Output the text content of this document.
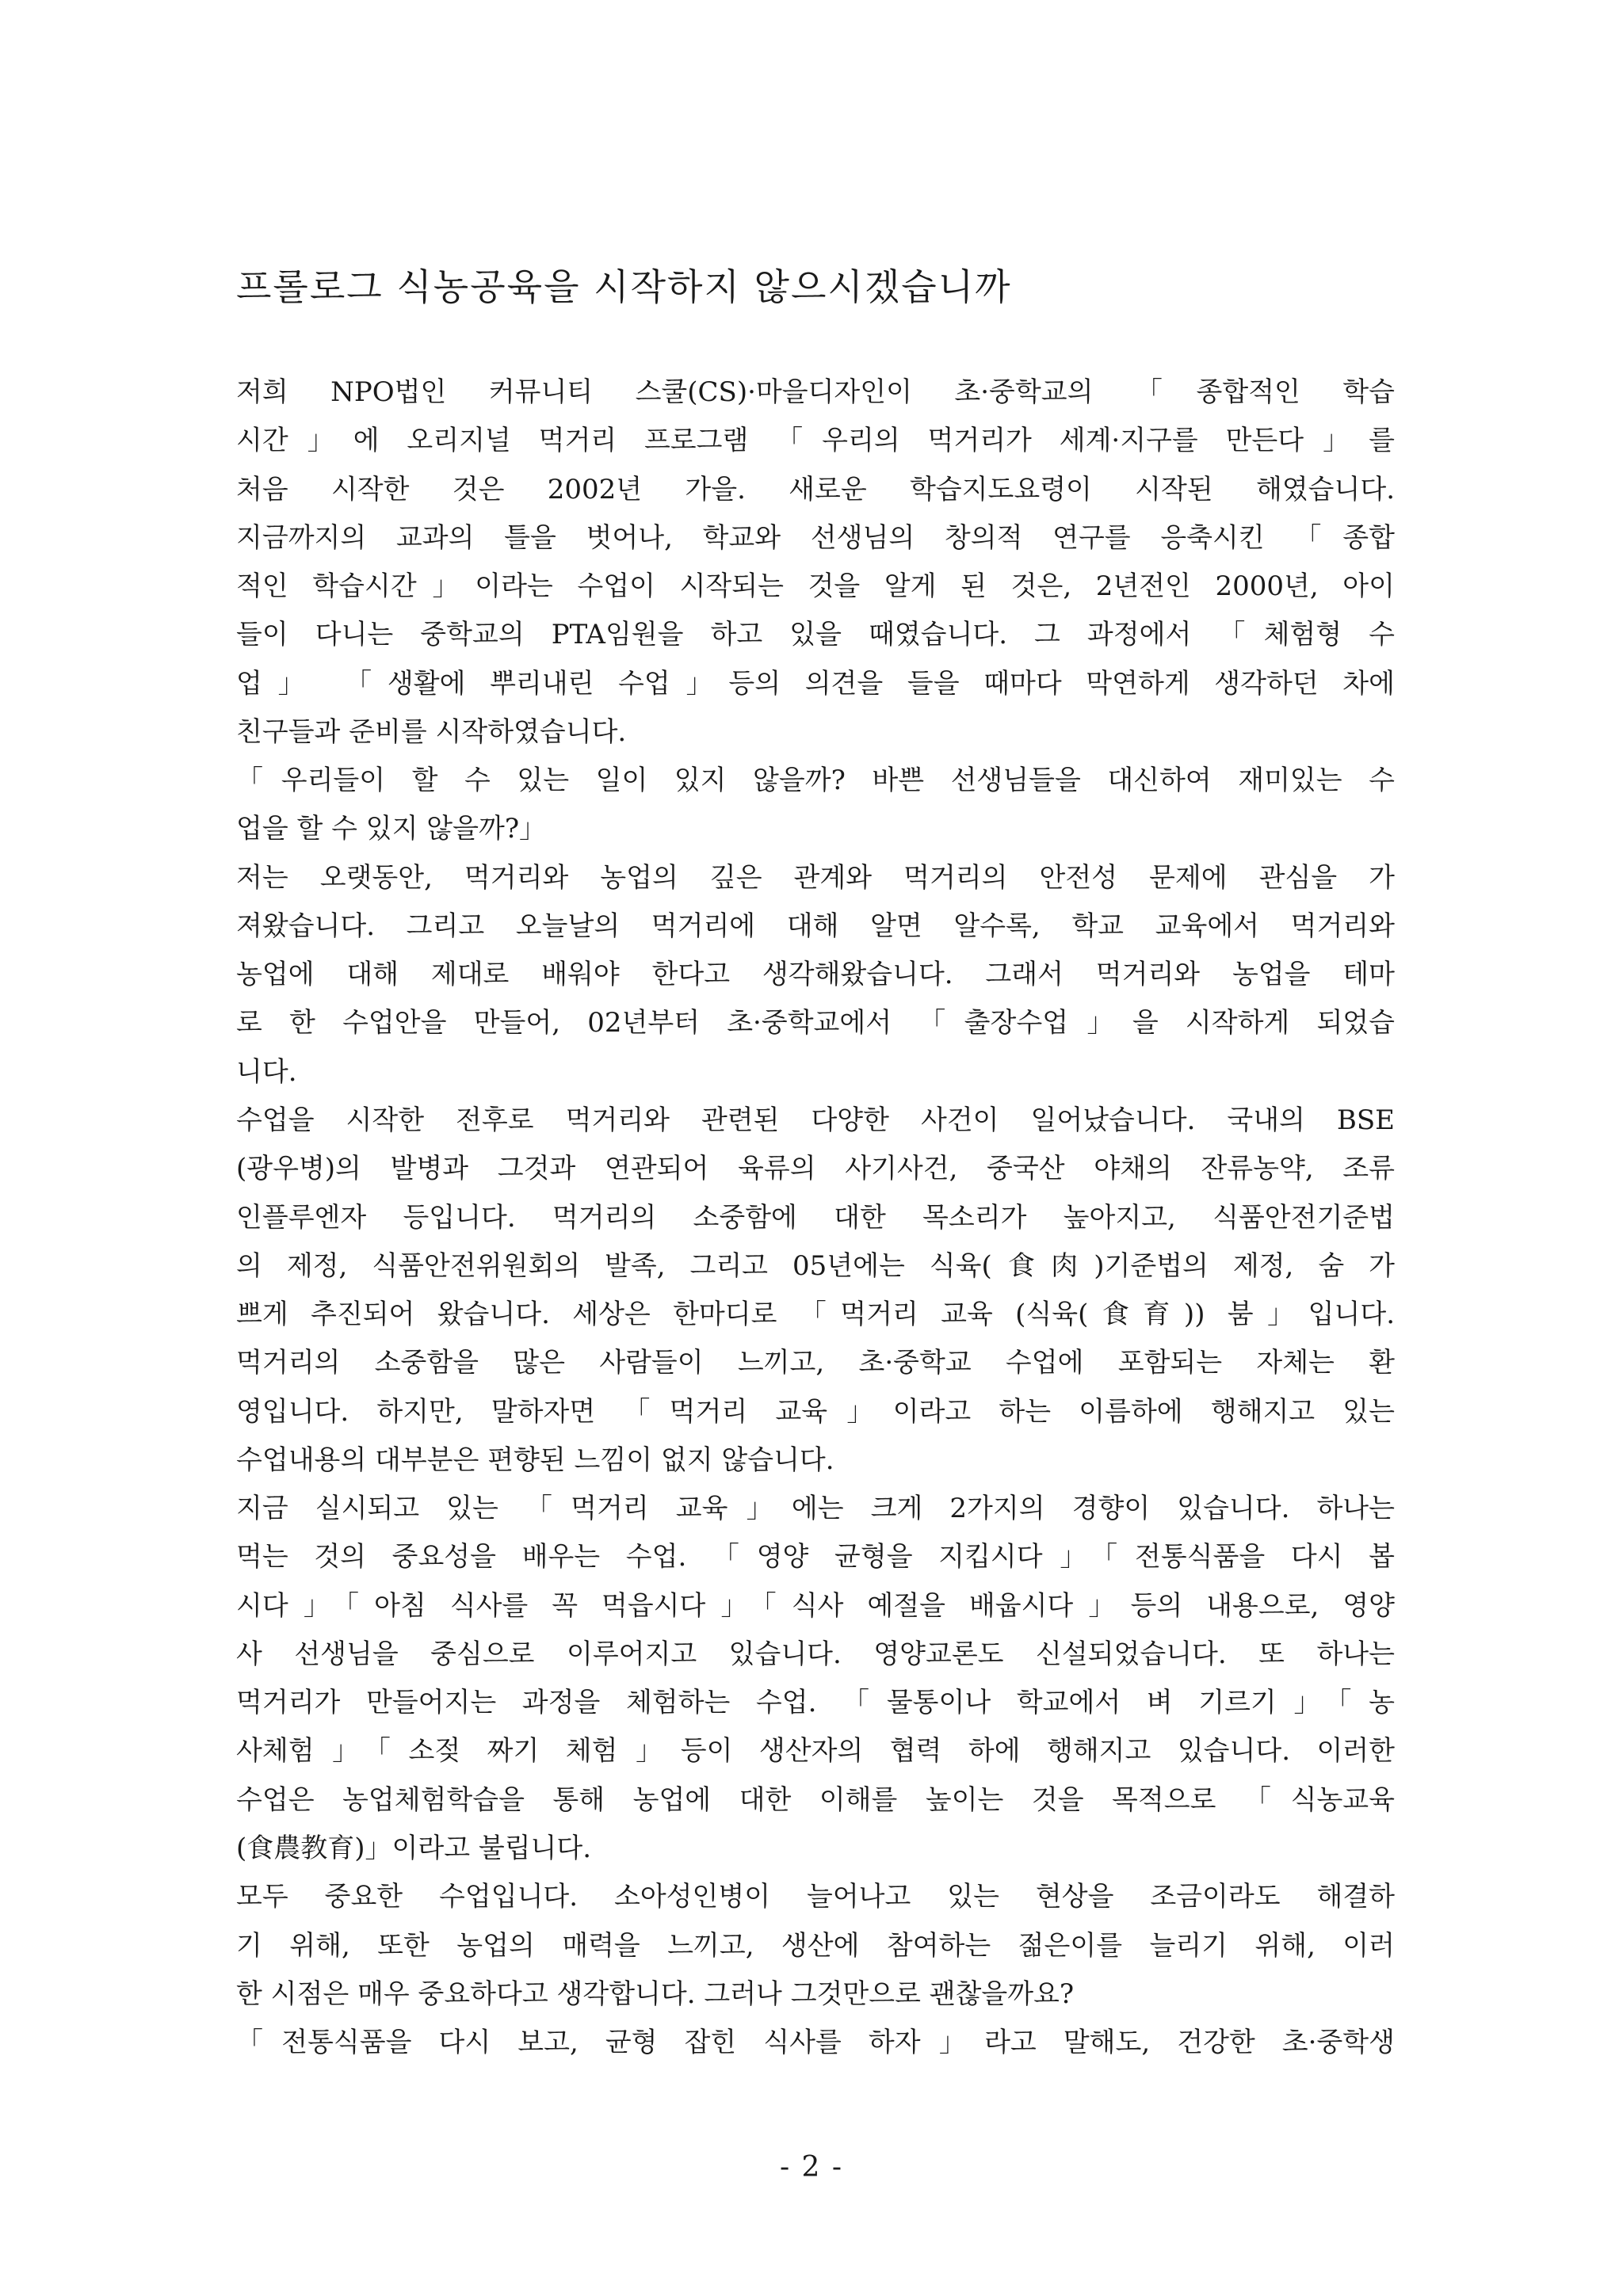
프롤로그 식농공육을 시작하지 않으시겠습니까
저희 NPO법인 커뮤니티 스쿨(CS)·마을디자인이 초·중학교의 「종합적인 학습
시간」에 오리지널 먹거리 프로그램 「우리의 먹거리가 세계·지구를 만든다」를
처음 시작한 것은 2002년 가을. 새로운 학습지도요령이 시작된 해였습니다.
지금까지의 교과의 틀을 벗어나, 학교와 선생님의 창의적 연구를 응축시킨 「종합
적인 학습시간」이라는 수업이 시작되는 것을 알게 된 것은, 2년전인 2000년, 아이
들이 다니는 중학교의 PTA임원을 하고 있을 때였습니다. 그 과정에서 「체험형 수
업」 「생활에 뿌리내린 수업」등의 의견을 들을 때마다 막연하게 생각하던 차에
친구들과 준비를 시작하였습니다.
「우리들이 할 수 있는 일이 있지 않을까? 바쁜 선생님들을 대신하여 재미있는 수
업을 할 수 있지 않을까?」
저는 오랫동안, 먹거리와 농업의 깊은 관계와 먹거리의 안전성 문제에 관심을 가
져왔습니다. 그리고 오늘날의 먹거리에 대해 알면 알수록, 학교 교육에서 먹거리와
농업에 대해 제대로 배워야 한다고 생각해왔습니다. 그래서 먹거리와 농업을 테마
로 한 수업안을 만들어, 02년부터 초·중학교에서 「출장수업」을 시작하게 되었습
니다.
수업을 시작한 전후로 먹거리와 관련된 다양한 사건이 일어났습니다. 국내의 BSE
(광우병)의 발병과 그것과 연관되어 육류의 사기사건, 중국산 야채의 잔류농약, 조류
인플루엔자 등입니다. 먹거리의 소중함에 대한 목소리가 높아지고, 식품안전기준법
의 제정, 식품안전위원회의 발족, 그리고 05년에는 식육(食肉)기준법의 제정, 숨 가
쁘게 추진되어 왔습니다. 세상은 한마디로 「먹거리 교육 (식육(食育)) 붐」입니다.
먹거리의 소중함을 많은 사람들이 느끼고, 초·중학교 수업에 포함되는 자체는 환
영입니다. 하지만, 말하자면 「먹거리 교육」이라고 하는 이름하에 행해지고 있는
수업내용의 대부분은 편향된 느낌이 없지 않습니다.
지금 실시되고 있는 「먹거리 교육」에는 크게 2가지의 경향이 있습니다. 하나는
먹는 것의 중요성을 배우는 수업. 「영양 균형을 지킵시다」「전통식품을 다시 봅
시다」「아침 식사를 꼭 먹읍시다」「식사 예절을 배웁시다」등의 내용으로, 영양
사 선생님을 중심으로 이루어지고 있습니다. 영양교론도 신설되었습니다. 또 하나는
먹거리가 만들어지는 과정을 체험하는 수업. 「물통이나 학교에서 벼 기르기」「농
사체험」「소젖 짜기 체험」등이 생산자의 협력 하에 행해지고 있습니다. 이러한
수업은 농업체험학습을 통해 농업에 대한 이해를 높이는 것을 목적으로 「식농교육
(食農教育)」이라고 불립니다.
모두 중요한 수업입니다. 소아성인병이 늘어나고 있는 현상을 조금이라도 해결하
기 위해, 또한 농업의 매력을 느끼고, 생산에 참여하는 젊은이를 늘리기 위해, 이러
한 시점은 매우 중요하다고 생각합니다. 그러나 그것만으로 괜찮을까요?
「전통식품을 다시 보고, 균형 잡힌 식사를 하자」라고 말해도, 건강한 초·중학생
- 2 -
